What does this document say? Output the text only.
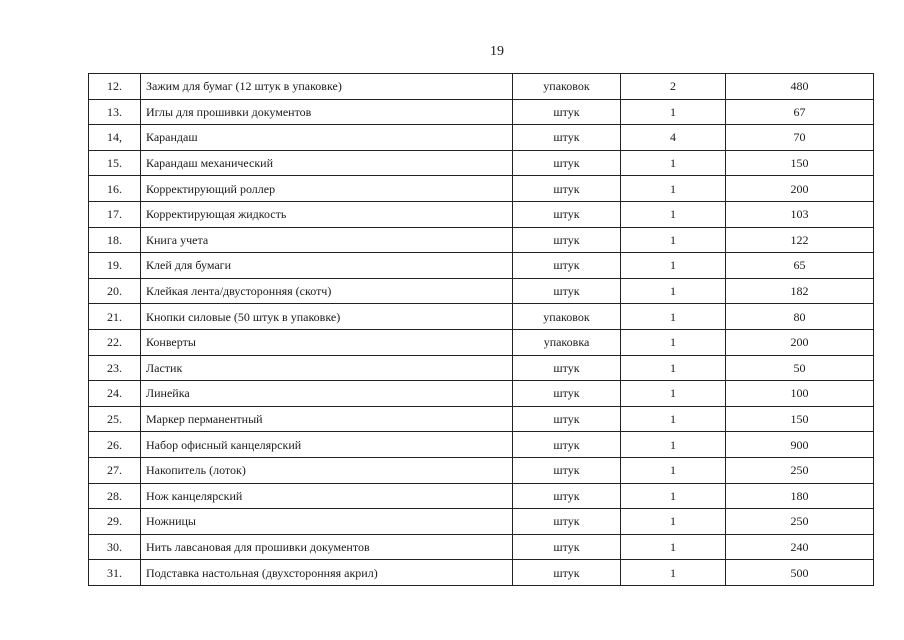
19
12.	Зажим для бумаг (12 штук в упаковке)	упаковок	2	480
13.	Иглы для прошивки документов	штук	1	67
14,	Карандаш	штук	4	70
15.	Карандаш механический	штук	1	150
16.	Корректирующий роллер	штук	1	200
17.	Корректирующая жидкость	штук	1	103
18.	Книга учета	штук	1	122
19.	Клей для бумаги	штук	1	65
20.	Клейкая лента/двусторонняя (скотч)	штук	1	182
21.	Кнопки силовые (50 штук в упаковке)	упаковок	1	80
22.	Конверты	упаковка	1	200
23.	Ластик	штук	1	50
24.	Линейка	штук	1	100
25.	Маркер перманентный	штук	1	150
26.	Набор офисный канцелярский	штук	1	900
27.	Накопитель (лоток)	штук	1	250
28.	Нож канцелярский	штук	1	180
29.	Ножницы	штук	1	250
30.	Нить лавсановая для прошивки документов	штук	1	240
31.	Подставка настольная (двухсторонняя акрил)	штук	1	500
